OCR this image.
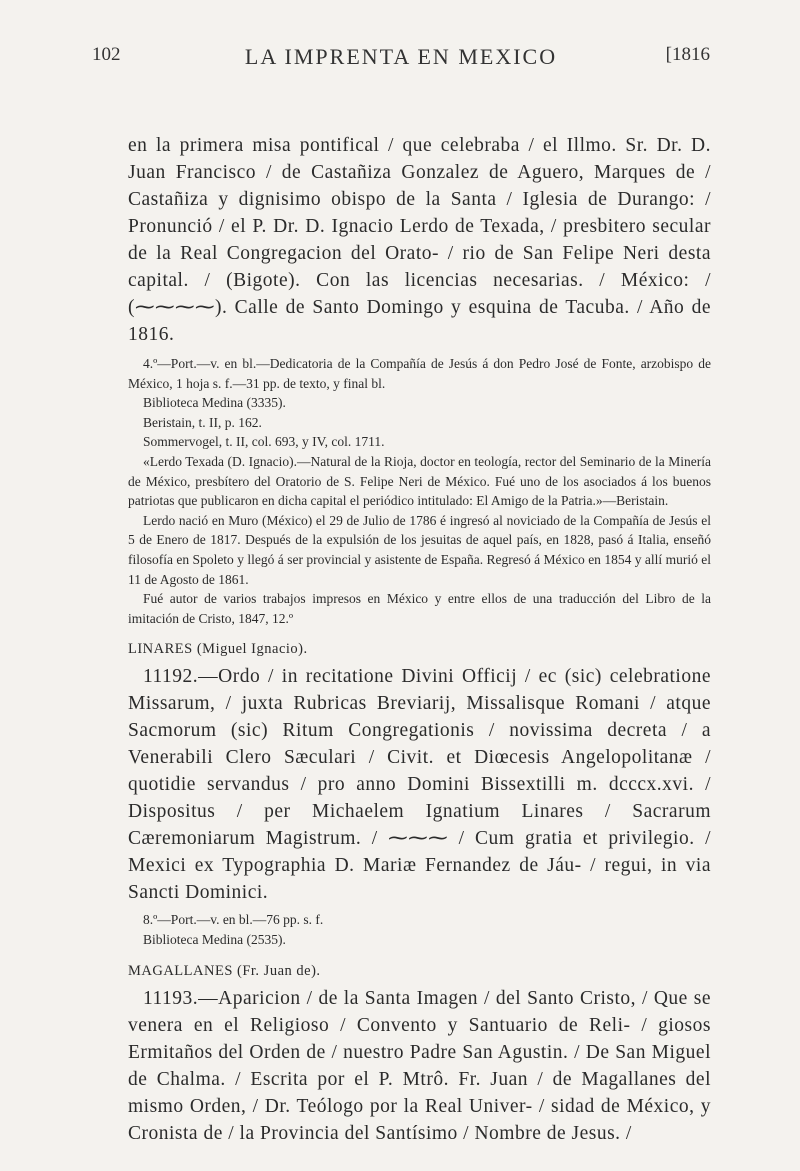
102	LA IMPRENTA EN MEXICO	[1816

en la primera misa pontifical / que celebraba / el Illmo. Sr. Dr. D. Juan Francisco / de Castañiza Gonzalez de Aguero, Marques de / Castañiza y dignisimo obispo de la Santa / Iglesia de Durango: / Pronunció / el P. Dr. D. Ignacio Lerdo de Texada, / presbitero secular de la Real Congregacion del Orato- / rio de San Felipe Neri desta capital. / (Bigote). Con las licencias necesarias. / México: / (⁓⁓⁓⁓). Calle de Santo Domingo y esquina de Tacuba. / Año de 1816.

4.º—Port.—v. en bl.—Dedicatoria de la Compañía de Jesús á don Pedro José de Fonte, arzobispo de México, 1 hoja s. f.—31 pp. de texto, y final bl.

Biblioteca Medina (3335).

Beristain, t. II, p. 162.

Sommervogel, t. II, col. 693, y IV, col. 1711.

«Lerdo Texada (D. Ignacio).—Natural de la Rioja, doctor en teología, rector del Seminario de la Minería de México, presbítero del Oratorio de S. Felipe Neri de México. Fué uno de los asociados á los buenos patriotas que publicaron en dicha capital el periódico intitulado: El Amigo de la Patria.»—Beristain.

Lerdo nació en Muro (México) el 29 de Julio de 1786 é ingresó al noviciado de la Compañía de Jesús el 5 de Enero de 1817. Después de la expulsión de los jesuitas de aquel país, en 1828, pasó á Italia, enseñó filosofía en Spoleto y llegó á ser provincial y asistente de España. Regresó á México en 1854 y allí murió el 11 de Agosto de 1861.

Fué autor de varios trabajos impresos en México y entre ellos de una traducción del Libro de la imitación de Cristo, 1847, 12.º

LINARES (Miguel Ignacio).

11192.—Ordo / in recitatione Divini Officij / ec (sic) celebratione Missarum, / juxta Rubricas Breviarij, Missalisque Romani / atque Sacmorum (sic) Ritum Congregationis / novissima decreta / a Venerabili Clero Sæculari / Civit. et Diœcesis Angelopolitanæ / quotidie servandus / pro anno Domini Bissextilli m. dcccx.xvi. / Dispositus / per Michaelem Ignatium Linares / Sacrarum Cæremoniarum Magistrum. / ⁓⁓⁓ / Cum gratia et privilegio. / Mexici ex Typographia D. Mariæ Fernandez de Jáu- / regui, in via Sancti Dominici.

8.º—Port.—v. en bl.—76 pp. s. f.

Biblioteca Medina (2535).

MAGALLANES (Fr. Juan de).

11193.—Aparicion / de la Santa Imagen / del Santo Cristo, / Que se venera en el Religioso / Convento y Santuario de Reli- / giosos Ermitaños del Orden de / nuestro Padre San Agustin. / De San Miguel de Chalma. / Escrita por el P. Mtrô. Fr. Juan / de Magallanes del mismo Orden, / Dr. Teólogo por la Real Univer- / sidad de México, y Cronista de / la Provincia del Santísimo / Nombre de Jesus. /
